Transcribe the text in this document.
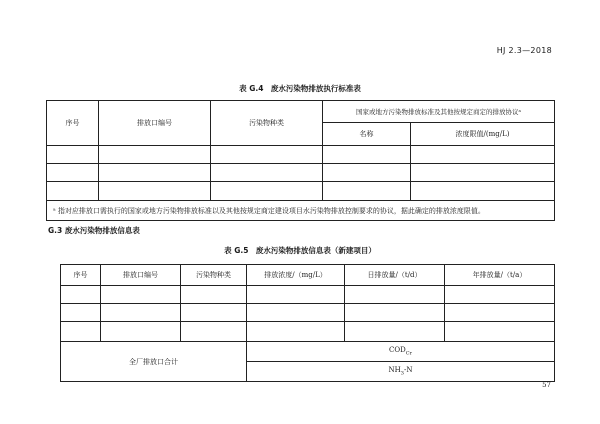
HJ 2.3—2018
表 G.4　废水污染物排放执行标准表
序号	排放口编号	污染物种类	国家或地方污染物排放标准及其他按规定商定的排放协议ᵃ	
			名称	浓度限值/(mg/L)

ᵃ 指对应排放口需执行的国家或地方污染物排放标准以及其他按规定商定建设项目水污染物排放控制要求的协议，据此确定的排放浓度限值。				
G.3 废水污染物排放信息表
表 G.5　废水污染物排放信息表（新建项目）
序号	排放口编号	污染物种类	排放浓度/（mg/L）	日排放量/（t/d）	年排放量/（t/a）

全厂排放口合计			$COD_{Cr}$
			$NH_3-N$		
57
